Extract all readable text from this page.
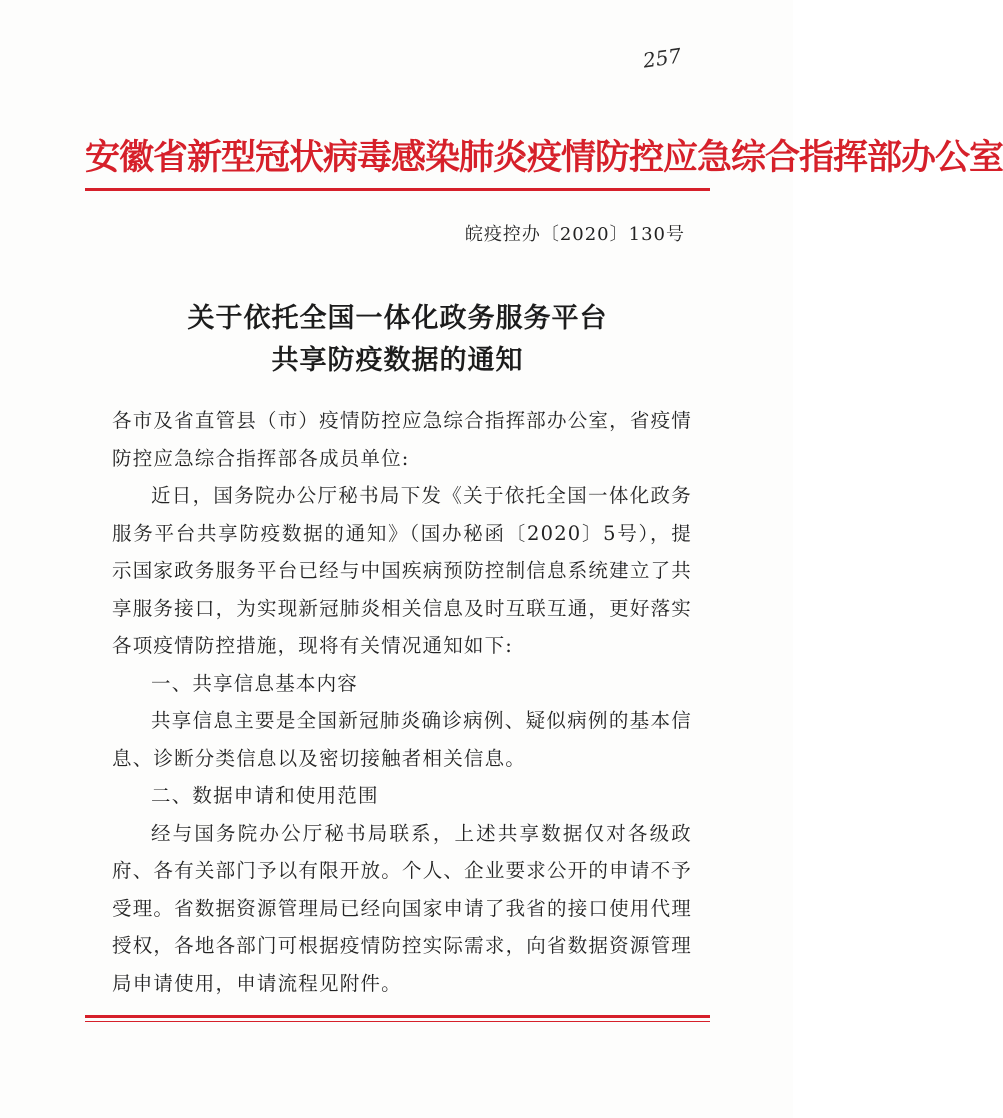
257
安徽省新型冠状病毒感染肺炎疫情防控应急综合指挥部办公室
皖疫控办〔2020〕130号
关于依托全国一体化政务服务平台
共享防疫数据的通知

各市及省直管县（市）疫情防控应急综合指挥部办公室，省疫情防控应急综合指挥部各成员单位:

近日，国务院办公厅秘书局下发《关于依托全国一体化政务服务平台共享防疫数据的通知》（国办秘函〔2020〕5号），提示国家政务服务平台已经与中国疾病预防控制信息系统建立了共享服务接口，为实现新冠肺炎相关信息及时互联互通，更好落实各项疫情防控措施，现将有关情况通知如下:

一、共享信息基本内容

共享信息主要是全国新冠肺炎确诊病例、疑似病例的基本信息、诊断分类信息以及密切接触者相关信息。

二、数据申请和使用范围

经与国务院办公厅秘书局联系，上述共享数据仅对各级政府、各有关部门予以有限开放。个人、企业要求公开的申请不予受理。省数据资源管理局已经向国家申请了我省的接口使用代理授权，各地各部门可根据疫情防控实际需求，向省数据资源管理局申请使用，申请流程见附件。
